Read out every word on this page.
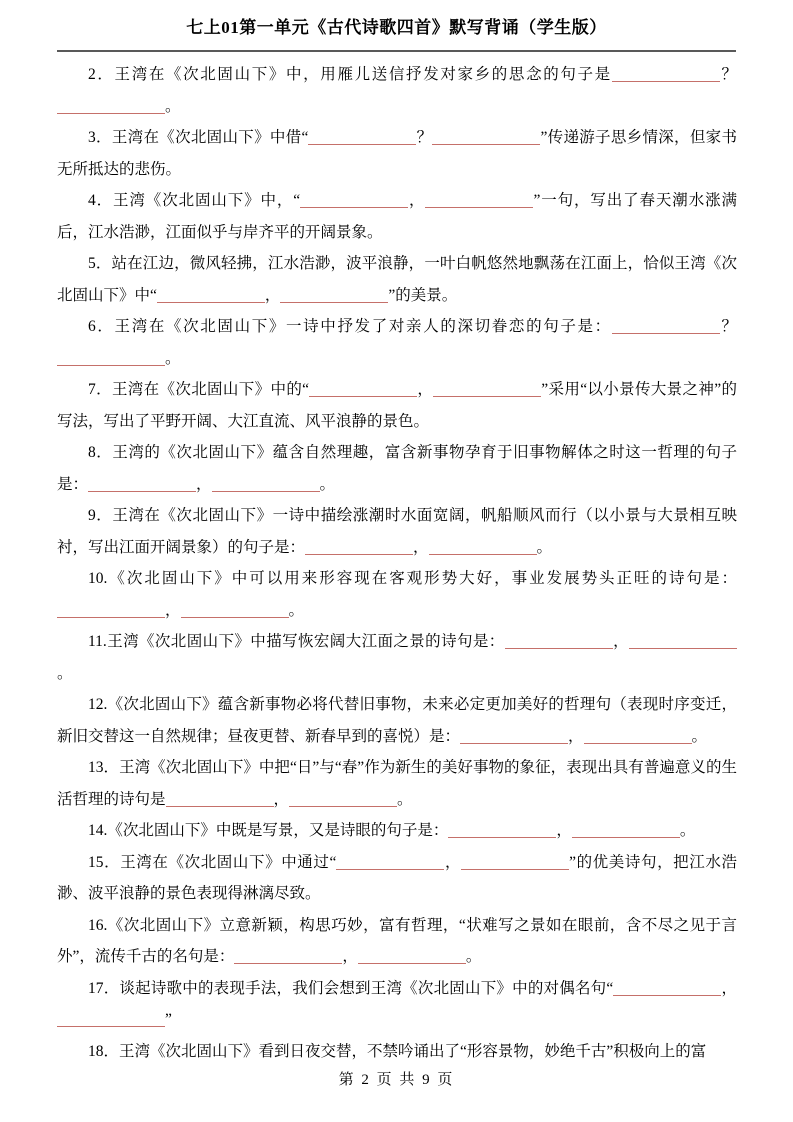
七上01第一单元《古代诗歌四首》默写背诵（学生版）

2．王湾在《次北固山下》中，用雁儿送信抒发对家乡的思念的句子是	？。

3．王湾在《次北固山下》中借“	？	”传递游子思乡情深，但家书无所抵达的悲伤。

4．王湾《次北固山下》中，“	，	”一句，写出了春天潮水涨满后，江水浩渺，江面似乎与岸齐平的开阔景象。

5．站在江边，微风轻拂，江水浩渺，波平浪静，一叶白帆悠然地飘荡在江面上，恰似王湾《次北固山下》中“	，	”的美景。

6．王湾在《次北固山下》一诗中抒发了对亲人的深切眷恋的句子是：	？。

7．王湾在《次北固山下》中的“	，	”采用“以小景传大景之神”的写法，写出了平野开阔、大江直流、风平浪静的景色。

8．王湾的《次北固山下》蕴含自然理趣，富含新事物孕育于旧事物解体之时这一哲理的句子是：	，	。

9．王湾在《次北固山下》一诗中描绘涨潮时水面宽阔，帆船顺风而行（以小景与大景相互映衬，写出江面开阔景象）的句子是：	，	。

10.《次北固山下》中可以用来形容现在客观形势大好，事业发展势头正旺的诗句是：，	。

11.王湾《次北固山下》中描写恢宏阔大江面之景的诗句是：	，。

12.《次北固山下》蕴含新事物必将代替旧事物，未来必定更加美好的哲理句（表现时序变迁，新旧交替这一自然规律；昼夜更替、新春早到的喜悦）是：	，	。

13．王湾《次北固山下》中把“日”与“春”作为新生的美好事物的象征，表现出具有普遍意义的生活哲理的诗句是	，	。

14.《次北固山下》中既是写景，又是诗眼的句子是：	，	。

15．王湾在《次北固山下》中通过“	，	”的优美诗句，把江水浩渺、波平浪静的景色表现得淋漓尽致。

16.《次北固山下》立意新颖，构思巧妙，富有哲理，“状难写之景如在眼前，含不尽之见于言外”，流传千古的名句是：	，	。

17．谈起诗歌中的表现手法，我们会想到王湾《次北固山下》中的对偶名句“	，”

18．王湾《次北固山下》看到日夜交替，不禁吟诵出了“形容景物，妙绝千古”积极向上的富

第 2 页 共 9 页
